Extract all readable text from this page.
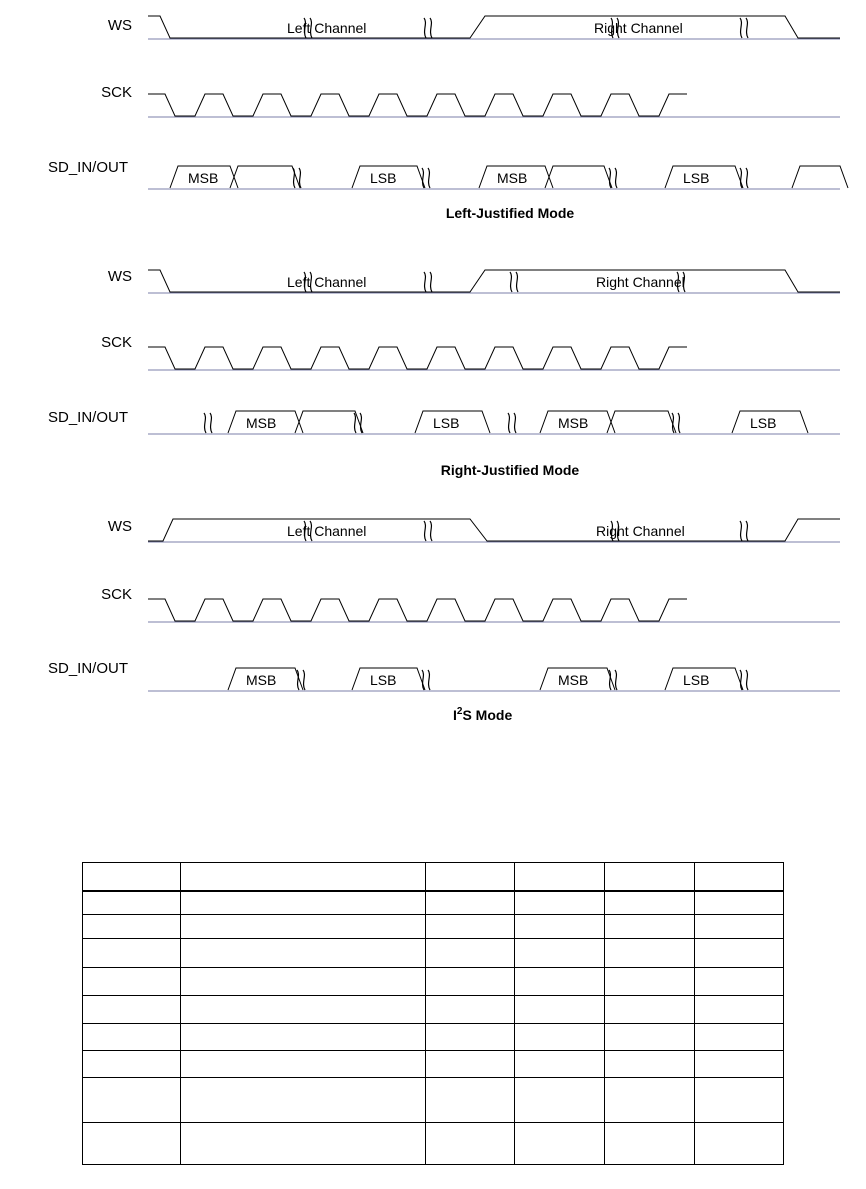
WS
SCK
SD_IN/OUT
Left Channel	Right Channel
MSB	LSB	MSB	LSB
Left-Justified Mode
WS
SCK
SD_IN/OUT
Left Channel	Right Channel
MSB	LSB	MSB	LSB
Right-Justified Mode
WS
SCK
SD_IN/OUT
Left Channel	Right Channel
MSB	LSB	MSB	LSB
$I^2S$ Mode
